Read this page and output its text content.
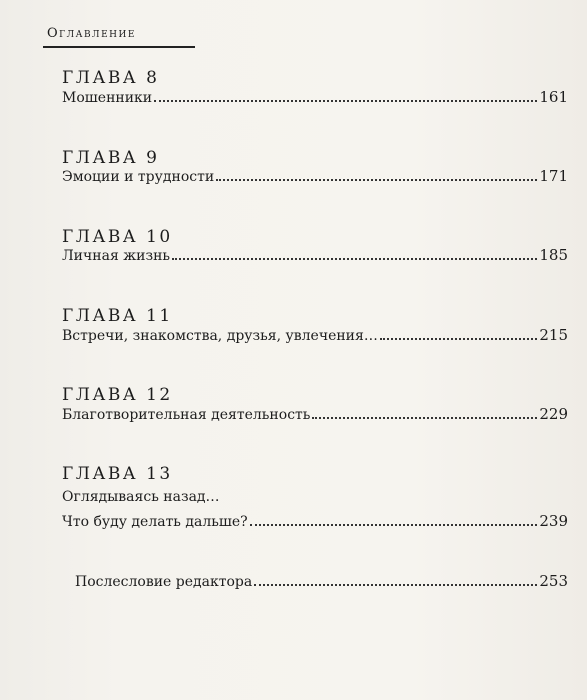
Оглавление
ГЛАВА 8
Мошенники	161
ГЛАВА 9
Эмоции и трудности	171
ГЛАВА 10
Личная жизнь	185
ГЛАВА 11
Встречи, знакомства, друзья, увлечения…	215
ГЛАВА 12
Благотворительная деятельность	229
ГЛАВА 13
Оглядываясь назад…
Что буду делать дальше?	239
Послесловие редактора	253
